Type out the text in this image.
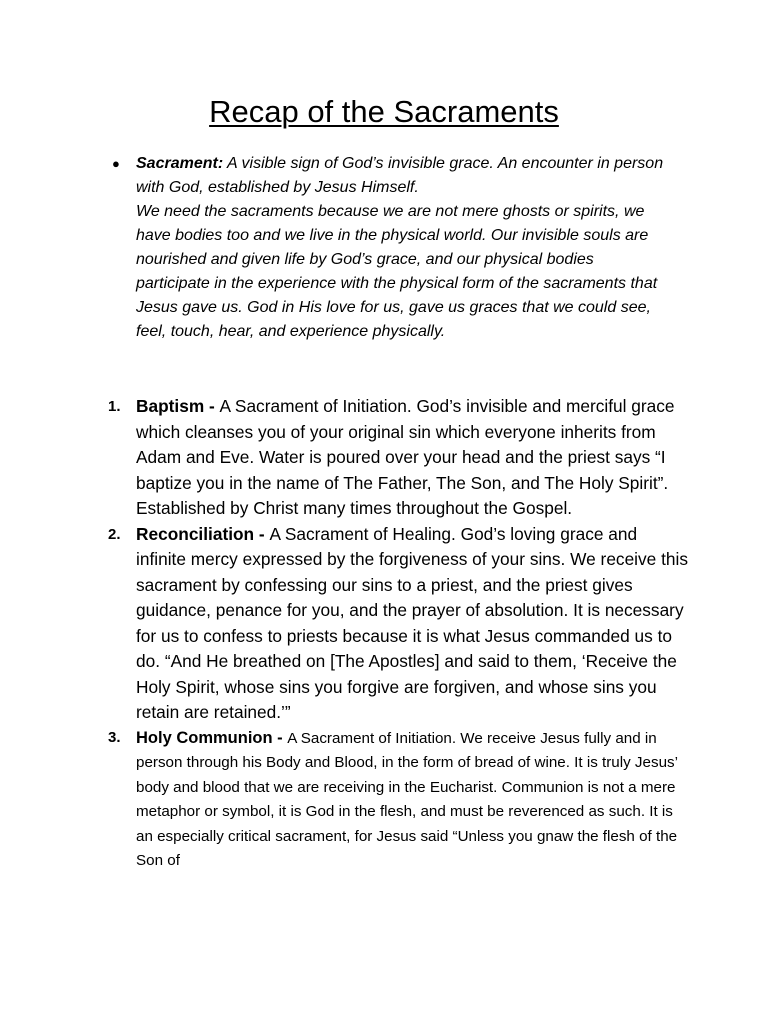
Recap of the Sacraments
● Sacrament: A visible sign of God’s invisible grace. An encounter in person with God, established by Jesus Himself.
We need the sacraments because we are not mere ghosts or spirits, we have bodies too and we live in the physical world. Our invisible souls are nourished and given life by God’s grace, and our physical bodies participate in the experience with the physical form of the sacraments that Jesus gave us. God in His love for us, gave us graces that we could see, feel, touch, hear, and experience physically.
1. Baptism - A Sacrament of Initiation. God’s invisible and merciful grace which cleanses you of your original sin which everyone inherits from Adam and Eve. Water is poured over your head and the priest says “I baptize you in the name of The Father, The Son, and The Holy Spirit”. Established by Christ many times throughout the Gospel.
2. Reconciliation - A Sacrament of Healing. God’s loving grace and infinite mercy expressed by the forgiveness of your sins. We receive this sacrament by confessing our sins to a priest, and the priest gives guidance, penance for you, and the prayer of absolution. It is necessary for us to confess to priests because it is what Jesus commanded us to do. “And He breathed on [The Apostles] and said to them, ‘Receive the Holy Spirit, whose sins you forgive are forgiven, and whose sins you retain are retained.’”
3. Holy Communion - A Sacrament of Initiation. We receive Jesus fully and in person through his Body and Blood, in the form of bread of wine. It is truly Jesus’ body and blood that we are receiving in the Eucharist. Communion is not a mere metaphor or symbol, it is God in the flesh, and must be reverenced as such. It is an especially critical sacrament, for Jesus said “Unless you gnaw the flesh of the Son of
